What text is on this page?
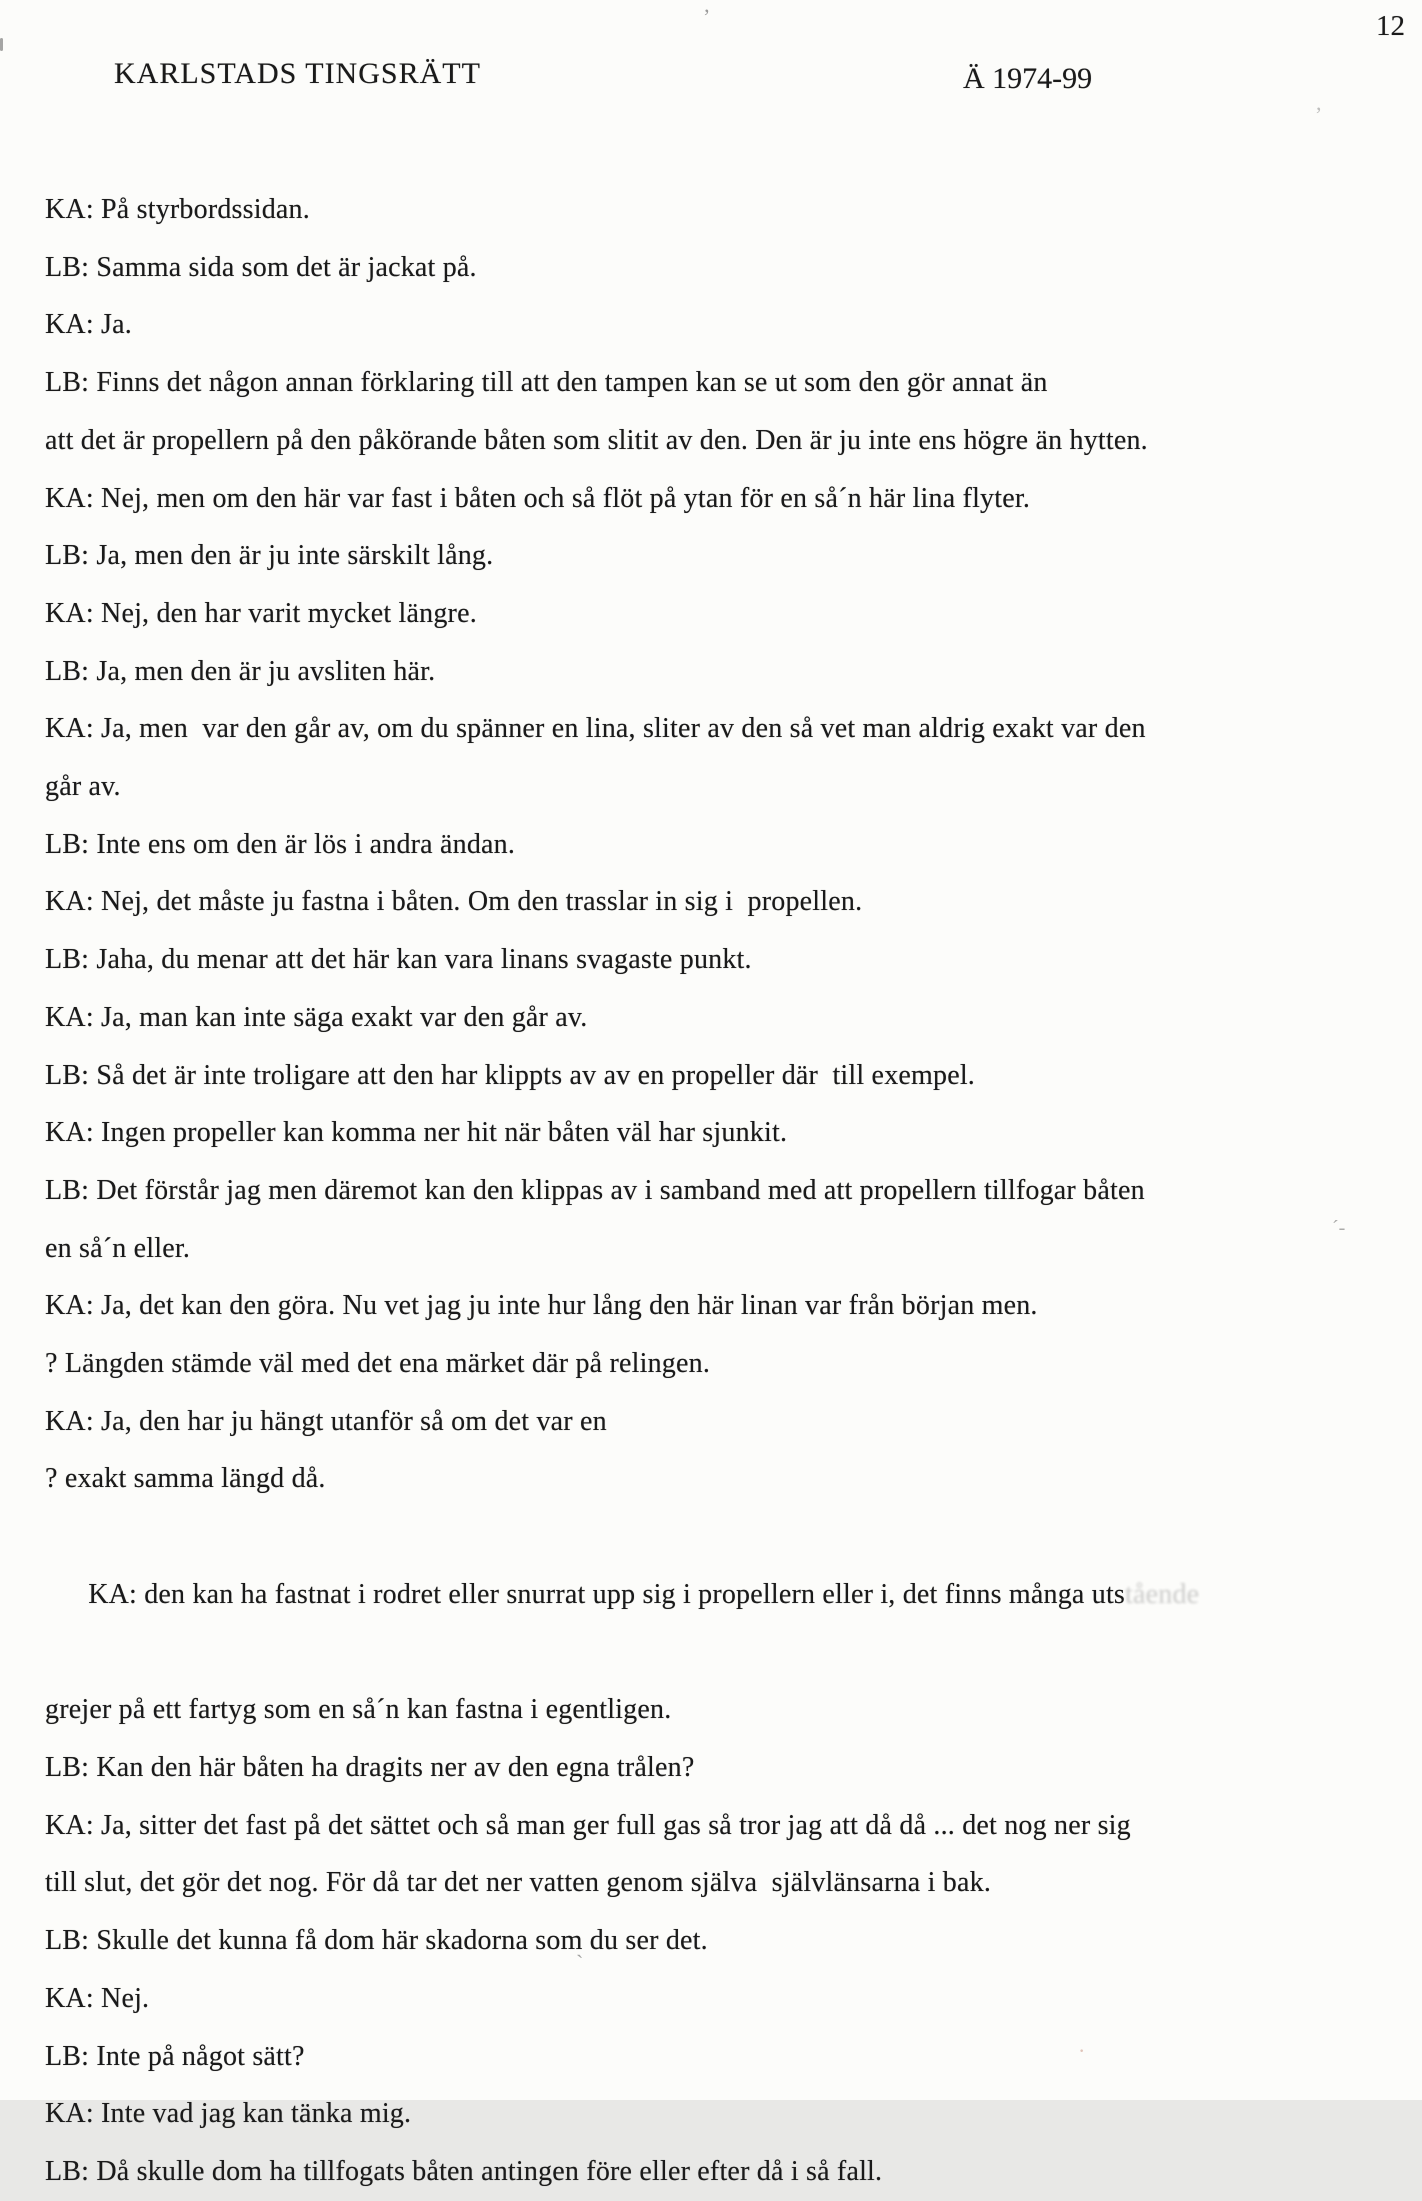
12
KARLSTADS TINGSRÄTT	Ä 1974-99

KA: På styrbordssidan.

LB: Samma sida som det är jackat på.

KA: Ja.

LB: Finns det någon annan förklaring till att den tampen kan se ut som den gör annat än

att det är propellern på den påkörande båten som slitit av den. Den är ju inte ens högre än hytten.

KA: Nej, men om den här var fast i båten och så flöt på ytan för en så´n här lina flyter.

LB: Ja, men den är ju inte särskilt lång.

KA: Nej, den har varit mycket längre.

LB: Ja, men den är ju avsliten här.

KA: Ja, men  var den går av, om du spänner en lina, sliter av den så vet man aldrig exakt var den

går av.

LB: Inte ens om den är lös i andra ändan.

KA: Nej, det måste ju fastna i båten. Om den trasslar in sig i  propellen.

LB: Jaha, du menar att det här kan vara linans svagaste punkt.

KA: Ja, man kan inte säga exakt var den går av.

LB: Så det är inte troligare att den har klippts av av en propeller där  till exempel.

KA: Ingen propeller kan komma ner hit när båten väl har sjunkit.

LB: Det förstår jag men däremot kan den klippas av i samband med att propellern tillfogar båten

en så´n eller.

KA: Ja, det kan den göra. Nu vet jag ju inte hur lång den här linan var från början men.

? Längden stämde väl med det ena märket där på relingen.

KA: Ja, den har ju hängt utanför så om det var en

? exakt samma längd då.

KA: den kan ha fastnat i rodret eller snurrat upp sig i propellern eller i, det finns många utstående

grejer på ett fartyg som en så´n kan fastna i egentligen.

LB: Kan den här båten ha dragits ner av den egna trålen?

KA: Ja, sitter det fast på det sättet och så man ger full gas så tror jag att då då ... det nog ner sig

till slut, det gör det nog. För då tar det ner vatten genom själva  självlänsarna i bak.

LB: Skulle det kunna få dom här skadorna som du ser det.

KA: Nej.

LB: Inte på något sätt?

KA: Inte vad jag kan tänka mig.

LB: Då skulle dom ha tillfogats båten antingen före eller efter då i så fall.

’
,
´-
`
·
